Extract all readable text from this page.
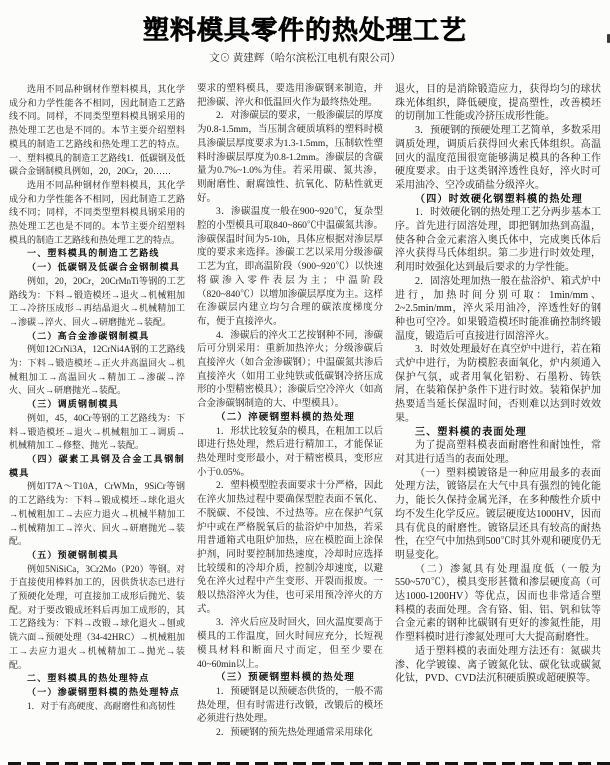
塑料模具零件的热处理工艺
文⊙ 黄建辉（哈尔滨松江电机有限公司）

选用不同品种钢材作塑料模具，其化学成分和力学性能各不相同，因此制造工艺路线不同。同样，不同类型塑料模具钢采用的热处理工艺也是不同的。本节主要介绍塑料模具的制造工艺路线和热处理工艺的特点。一、塑料模具的制造工艺路线1．低碳钢及低碳合金钢制模具例如，20，20Cr，20……

选用不同品种钢材作塑料模具，其化学成分和力学性能各不相同，因此制造工艺路线不同；同样，不同类型塑料模具钢采用的热处理工艺也是不同的。本节主要介绍塑料模具的制造工艺路线和热处理工艺的特点。

一、塑料模具的制造工艺路线

（一）低碳钢及低碳合金钢制模具

例如，20，20Cr，20CrMnTi等钢的工艺路线为：下料→锻造模坯→退火→机械粗加工→冷挤压成形→再结晶退火→机械精加工→渗碳→淬火、回火→研磨抛光→装配。

（二）高合金渗碳钢制模具

例如12CrNi3A，12CrNi4A钢的工艺路线为：下料→锻造模坯→正火并高温回火→机械粗加工→高温回火→精加工→渗碳→淬火、回火→研磨抛光→装配。

（三）调质钢制模具

例如，45，40Cr等钢的工艺路线为：下料→锻造模坯→退火→机械粗加工→调质→机械精加工→修整、抛光→装配。

（四）碳素工具钢及合金工具钢制模具

例如T7A～T10A，CrWMn，9SiCr等钢的工艺路线为：下料→锻成模坯→球化退火→机械粗加工→去应力退火→机械半精加工→机械精加工→淬火、回火→研磨抛光→装配。

（五）预硬钢制模具

例如5NiSiCa，3Cr2Mo（P20）等钢。对于直接使用棒料加工的，因供货状态已进行了预硬化处理，可直接加工成形后抛光、装配。对于要改锻成坯料后再加工成形的，其工艺路线为：下料→改锻→球化退火→刨或铣六面→预硬处理（34-42HRC）→机械粗加工→去应力退火→机械精加工→抛光→装配。

二、塑料模具的热处理特点

（一）渗碳钢塑料模的热处理特点

1．对于有高硬度、高耐磨性和高韧性

要求的塑料模具，要选用渗碳钢来制造，并把渗碳、淬火和低温回火作为最终热处理。

2．对渗碳层的要求，一般渗碳层的厚度为0.8-1.5mm，当压制含硬质填料的塑料时模具渗碳层厚度要求为1.3-1.5mm，压制软性塑料时渗碳层厚度为0.8-1.2mm。渗碳层的含碳量为0.7%~1.0%为佳。若采用碳、氮共渗，则耐磨性、耐腐蚀性、抗氧化、防粘性就更好。

3．渗碳温度一般在900~920℃，复杂型腔的小型模具可取840~860℃中温碳氮共渗。渗碳保温时间为5-10h，具体应根据对渗层厚度的要求来选择。渗碳工艺以采用分级渗碳工艺为宜，即高温阶段（900~920℃）以快速将碳渗入零件表层为主；中温阶段（820~840℃）以增加渗碳层厚度为主。这样在渗碳层内建立均匀合理的碳浓度梯度分布，便于直接淬火。

4．渗碳后的淬火工艺按钢种不同，渗碳后可分别采用：重新加热淬火；分级渗碳后直接淬火（如合金渗碳钢）；中温碳氮共渗后直接淬火（如用工业纯铁或低碳钢冷挤压成形的小型精密模具）；渗碳后空冷淬火（如高合金渗碳钢制造的大、中型模具）。

（二）淬硬钢塑料模的热处理

1．形状比较复杂的模具，在粗加工以后即进行热处理，然后进行精加工，才能保证热处理时变形最小，对于精密模具，变形应小于0.05%。

2．塑料模型腔表面要求十分严格，因此在淬火加热过程中要确保型腔表面不氧化、不脱碳、不侵蚀、不过热等。应在保护气氛炉中或在严格脱氧后的盐浴炉中加热，若采用普通箱式电阻炉加热，应在模腔面上涂保护剂，同时要控制加热速度，冷却时应选择比较缓和的冷却介质，控制冷却速度，以避免在淬火过程中产生变形、开裂而报废。一般以热浴淬火为佳，也可采用预冷淬火的方式。

3．淬火后应及时回火，回火温度要高于模具的工作温度，回火时间应充分，长短视模具材料和断面尺寸而定，但至少要在40~60min以上。

（三）预硬钢塑料模的热处理

1．预硬钢是以预硬态供货的，一般不需热处理，但有时需进行改锻，改锻后的模坯必须进行热处理。

2．预硬钢的预先热处理通常采用球化

退火，目的是消除锻造应力，获得均匀的球状珠光体组织，降低硬度，提高塑性，改善模坯的切削加工性能或冷挤压成形性能。

3．预硬钢的预硬处理工艺简单，多数采用调质处理，调质后获得回火索氏体组织。高温回火的温度范围很宽能够满足模具的各种工作硬度要求。由于这类钢淬透性良好，淬火时可采用油冷、空冷或硝盐分级淬火。

（四）时效硬化钢塑料模的热处理

1．时效硬化钢的热处理工艺分两步基本工序。首先进行固溶处理，即把钢加热到高温，使各种合金元素溶入奥氏体中，完成奥氏体后淬火获得马氏体组织。第二步进行时效处理，利用时效强化达到最后要求的力学性能。

2．固溶处理加热一般在盐浴炉、箱式炉中进行，加热时间分别可取：1min/mm、2~2.5min/mm，淬火采用油冷，淬透性好的钢种也可空冷。如果锻造模坯时能准确控制终锻温度，锻造后可直接进行固溶淬火。

3．时效处理最好在真空炉中进行，若在箱式炉中进行，为防模腔表面氧化，炉内须通入保护气氛，或者用氧化铝粉、石墨粉、铸铁屑，在装箱保护条件下进行时效。装箱保护加热要适当延长保温时间，否则难以达到时效效果。

三、塑料模的表面处理

为了提高塑料模表面耐磨性和耐蚀性，常对其进行适当的表面处理。

（一）塑料模镀铬是一种应用最多的表面处理方法，镀铬层在大气中具有强烈的钝化能力，能长久保持金属光泽，在多种酸性介质中均不发生化学反应。镀层硬度达1000HV，因而具有优良的耐磨性。镀铬层还具有较高的耐热性，在空气中加热到500℃时其外观和硬度仍无明显变化。

（二）渗氮具有处理温度低（一般为550~570℃），模具变形甚微和渗层硬度高（可达1000-1200HV）等优点，因而也非常适合塑料模的表面处理。含有铬、钼、铝、钒和钛等合金元素的钢种比碳钢有更好的渗氮性能，用作塑料模时进行渗氮处理可大大提高耐磨性。

适于塑料模的表面处理方法还有：氮碳共渗、化学镀镍、离子镀氮化钛、碳化钛或碳氮化钛，PVD、CVD法沉积硬质膜或超硬膜等。
